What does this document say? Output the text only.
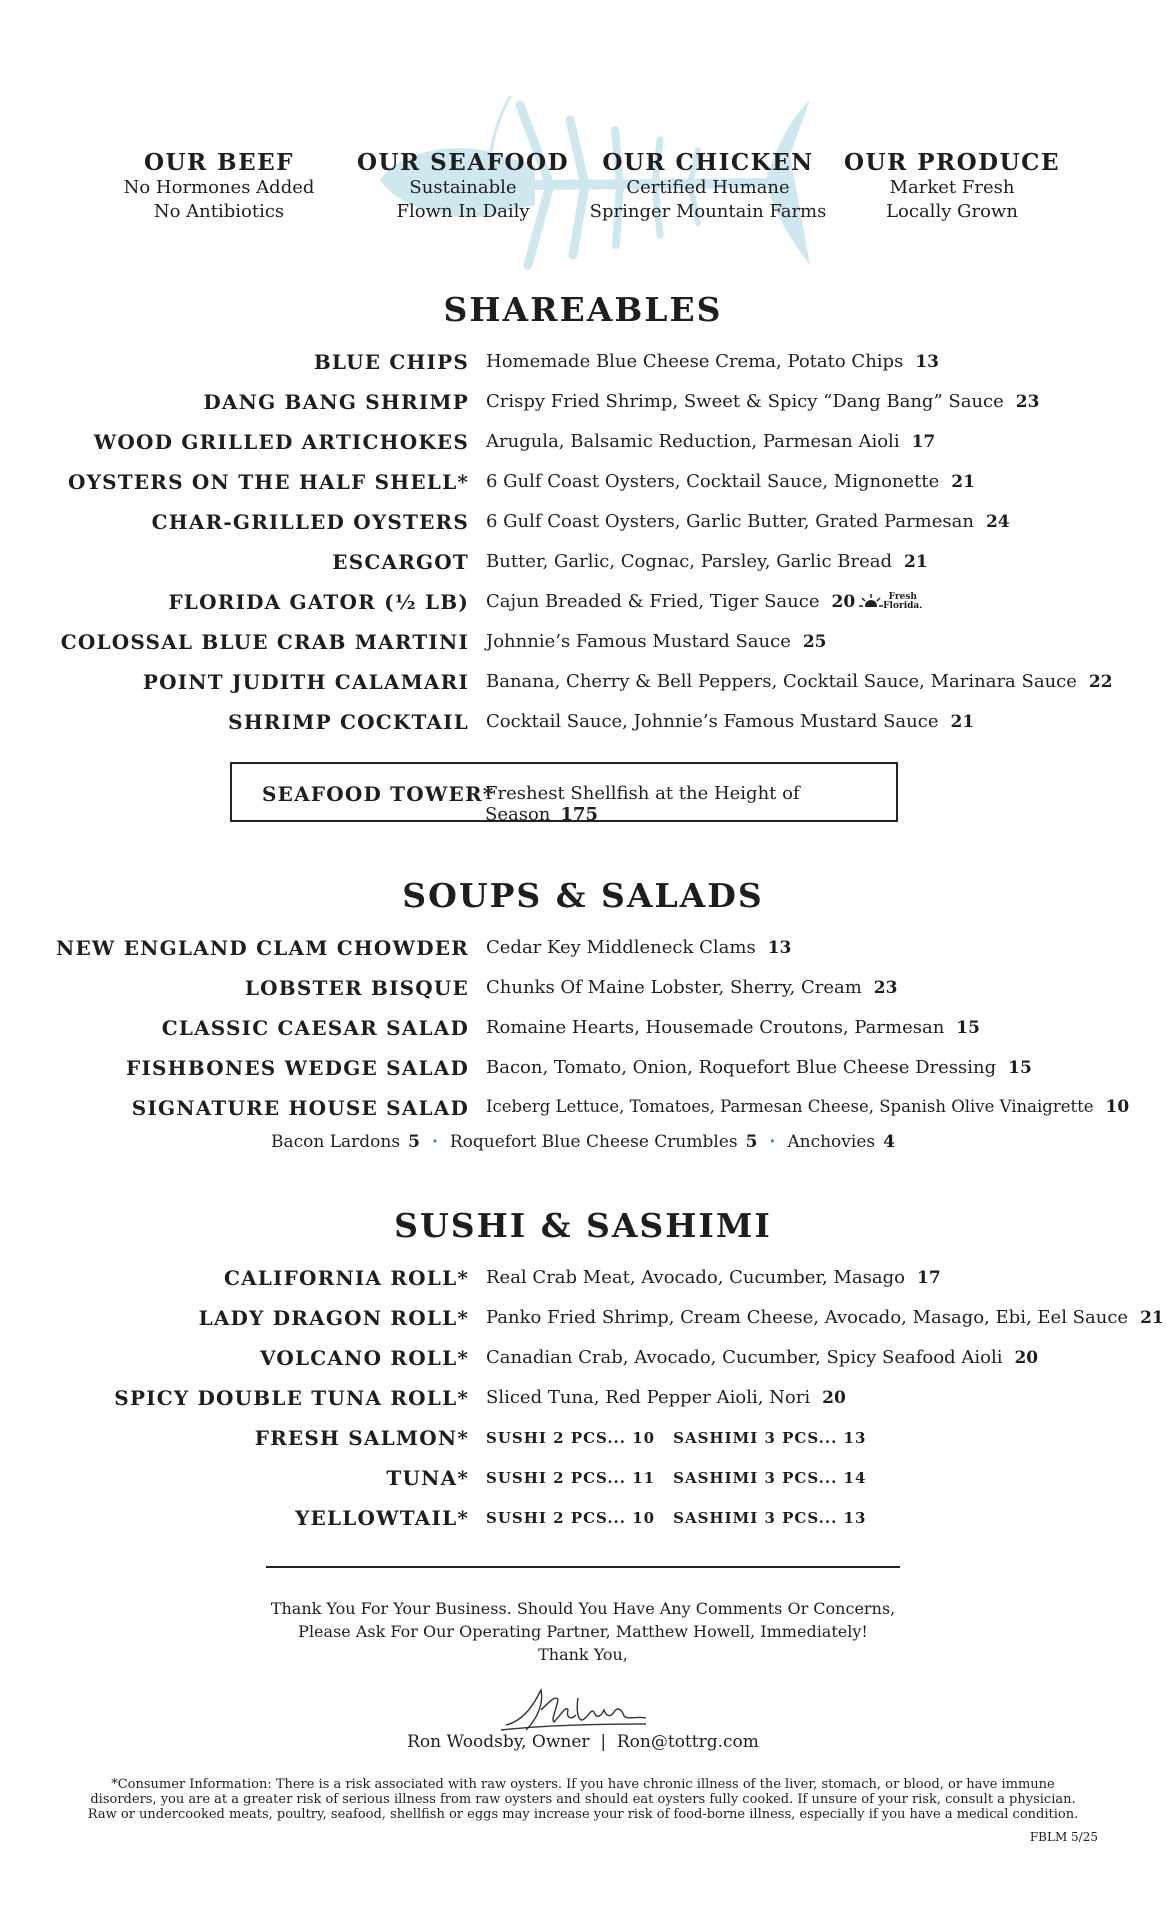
OUR BEEF
No Hormones Added
No Antibiotics
OUR SEAFOOD
Sustainable
Flown In Daily
OUR CHICKEN
Certified Humane
Springer Mountain Farms
OUR PRODUCE
Market Fresh
Locally Grown
SHAREABLES
BLUE CHIPS Homemade Blue Cheese Crema, Potato Chips 13
DANG BANG SHRIMP Crispy Fried Shrimp, Sweet & Spicy “Dang Bang” Sauce 23
WOOD GRILLED ARTICHOKES Arugula, Balsamic Reduction, Parmesan Aioli 17
OYSTERS ON THE HALF SHELL* 6 Gulf Coast Oysters, Cocktail Sauce, Mignonette 21
CHAR-GRILLED OYSTERS 6 Gulf Coast Oysters, Garlic Butter, Grated Parmesan 24
ESCARGOT Butter, Garlic, Cognac, Parsley, Garlic Bread 21
FLORIDA GATOR (½ LB) Cajun Breaded & Fried, Tiger Sauce 20	Fresh
Florida.
COLOSSAL BLUE CRAB MARTINI Johnnie’s Famous Mustard Sauce 25
POINT JUDITH CALAMARI Banana, Cherry & Bell Peppers, Cocktail Sauce, Marinara Sauce 22
SHRIMP COCKTAIL Cocktail Sauce, Johnnie’s Famous Mustard Sauce 21
SEAFOOD TOWER*
Freshest Shellfish at the Height of Season 175
SOUPS & SALADS
NEW ENGLAND CLAM CHOWDER Cedar Key Middleneck Clams 13
LOBSTER BISQUE Chunks Of Maine Lobster, Sherry, Cream 23
CLASSIC CAESAR SALAD Romaine Hearts, Housemade Croutons, Parmesan 15
FISHBONES WEDGE SALAD Bacon, Tomato, Onion, Roquefort Blue Cheese Dressing 15
SIGNATURE HOUSE SALAD Iceberg Lettuce, Tomatoes, Parmesan Cheese, Spanish Olive Vinaigrette 10
Bacon Lardons 5 · Roquefort Blue Cheese Crumbles 5 · Anchovies 4
SUSHI & SASHIMI
CALIFORNIA ROLL* Real Crab Meat, Avocado, Cucumber, Masago 17
LADY DRAGON ROLL* Panko Fried Shrimp, Cream Cheese, Avocado, Masago, Ebi, Eel Sauce 21
VOLCANO ROLL* Canadian Crab, Avocado, Cucumber, Spicy Seafood Aioli 20
SPICY DOUBLE TUNA ROLL* Sliced Tuna, Red Pepper Aioli, Nori 20
FRESH SALMON* SUSHI 2 PCS... 10 SASHIMI 3 PCS... 13
TUNA* SUSHI 2 PCS... 11 SASHIMI 3 PCS... 14
YELLOWTAIL* SUSHI 2 PCS... 10 SASHIMI 3 PCS... 13
Thank You For Your Business. Should You Have Any Comments Or Concerns,
Please Ask For Our Operating Partner, Matthew Howell, Immediately!
Thank You,
Ron Woodsby, Owner  |  Ron@tottrg.com
*Consumer Information: There is a risk associated with raw oysters. If you have chronic illness of the liver, stomach, or blood, or have immune
disorders, you are at a greater risk of serious illness from raw oysters and should eat oysters fully cooked. If unsure of your risk, consult a physician.
Raw or undercooked meats, poultry, seafood, shellfish or eggs may increase your risk of food-borne illness, especially if you have a medical condition.
FBLM 5/25
